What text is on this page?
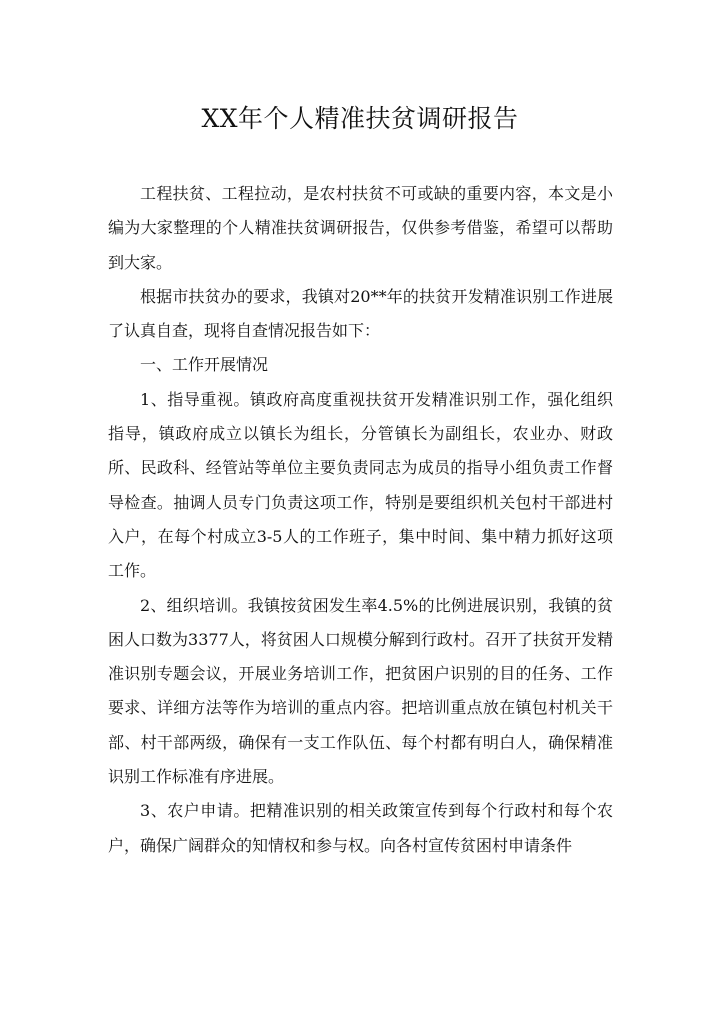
XX年个人精准扶贫调研报告

工程扶贫、工程拉动，是农村扶贫不可或缺的重要内容，本文是小编为大家整理的个人精准扶贫调研报告，仅供参考借鉴，希望可以帮助到大家。

根据市扶贫办的要求，我镇对20**年的扶贫开发精准识别工作进展了认真自查，现将自查情况报告如下：

一、工作开展情况

1、指导重视。镇政府高度重视扶贫开发精准识别工作，强化组织指导，镇政府成立以镇长为组长，分管镇长为副组长，农业办、财政所、民政科、经管站等单位主要负责同志为成员的指导小组负责工作督导检查。抽调人员专门负责这项工作，特别是要组织机关包村干部进村入户，在每个村成立3-5人的工作班子，集中时间、集中精力抓好这项工作。

2、组织培训。我镇按贫困发生率4.5%的比例进展识别，我镇的贫困人口数为3377人，将贫困人口规模分解到行政村。召开了扶贫开发精准识别专题会议，开展业务培训工作，把贫困户识别的目的任务、工作要求、详细方法等作为培训的重点内容。把培训重点放在镇包村机关干部、村干部两级，确保有一支工作队伍、每个村都有明白人，确保精准识别工作标准有序进展。

3、农户申请。把精准识别的相关政策宣传到每个行政村和每个农户，确保广阔群众的知情权和参与权。向各村宣传贫困村申请条件
